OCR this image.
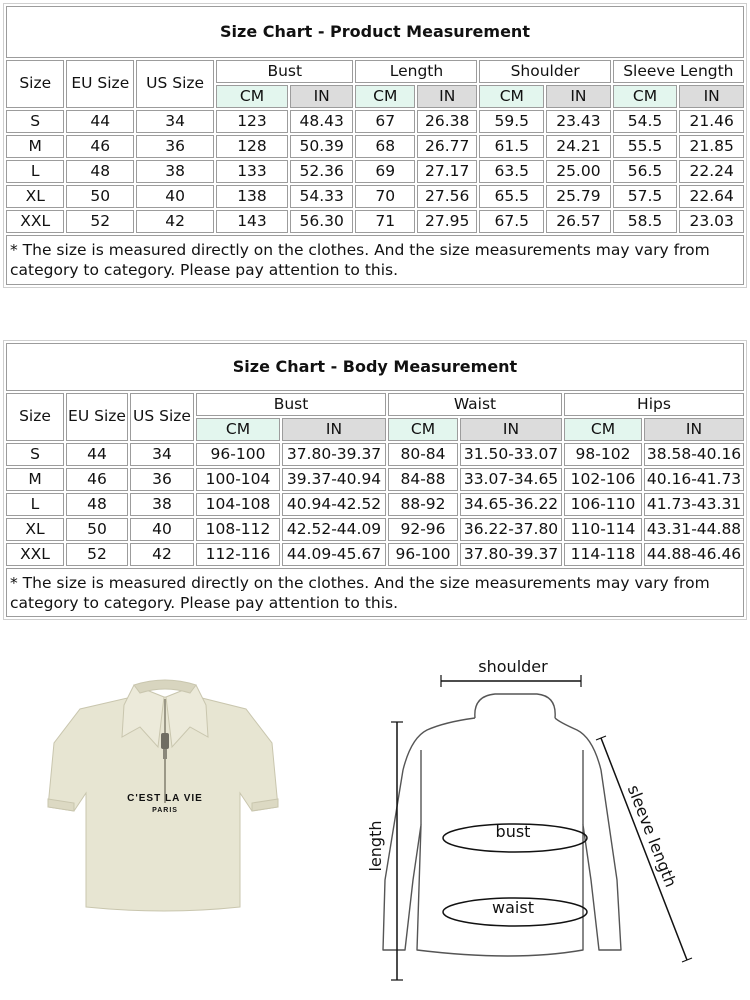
Size Chart - Product Measurement										
Size	EU Size	US Size	Bust		Length		Shoulder		Sleeve Length	
			CM	IN	CM	IN	CM	IN	CM	IN
S	44	34	123	48.43	67	26.38	59.5	23.43	54.5	21.46
M	46	36	128	50.39	68	26.77	61.5	24.21	55.5	21.85
L	48	38	133	52.36	69	27.17	63.5	25.00	56.5	22.24
XL	50	40	138	54.33	70	27.56	65.5	25.79	57.5	22.64
XXL	52	42	143	56.30	71	27.95	67.5	26.57	58.5	23.03
* The size is measured directly on the clothes. And the size measurements may vary from category to category. Please pay attention to this.										
Size Chart - Body Measurement								
Size	EU Size	US Size	Bust		Waist		Hips	
			CM	IN	CM	IN	CM	IN
S	44	34	96-100	37.80-39.37	80-84	31.50-33.07	98-102	38.58-40.16
M	46	36	100-104	39.37-40.94	84-88	33.07-34.65	102-106	40.16-41.73
L	48	38	104-108	40.94-42.52	88-92	34.65-36.22	106-110	41.73-43.31
XL	50	40	108-112	42.52-44.09	92-96	36.22-37.80	110-114	43.31-44.88
XXL	52	42	112-116	44.09-45.67	96-100	37.80-39.37	114-118	44.88-46.46
* The size is measured directly on the clothes. And the size measurements may vary from category to category. Please pay attention to this.								
C'EST LA VIE
PARIS
shoulder
bust
waist
length	sleeve length
